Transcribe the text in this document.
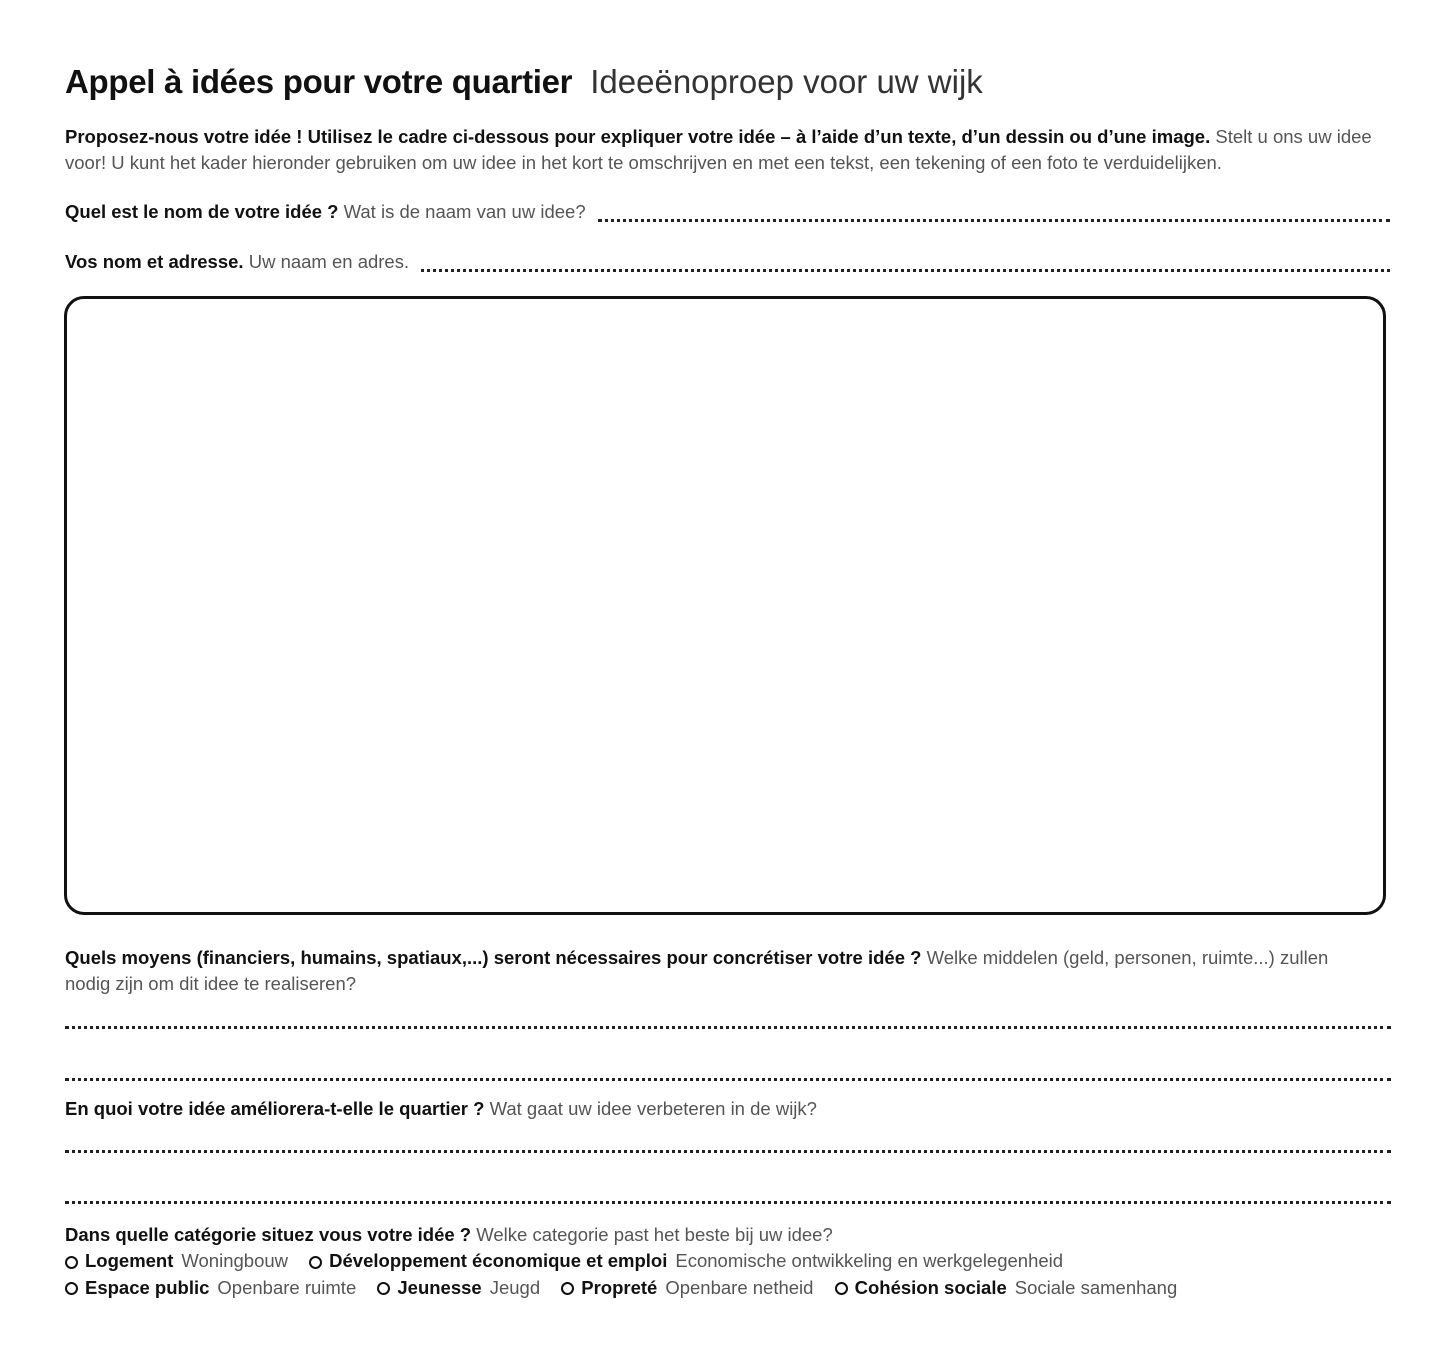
Appel à idées pour votre quartier Ideeënoproep voor uw wijk
Proposez-nous votre idée ! Utilisez le cadre ci-dessous pour expliquer votre idée – à l’aide d’un texte, d’un dessin ou d’une image. Stelt u ons uw idee voor! U kunt het kader hieronder gebruiken om uw idee in het kort te omschrijven en met een tekst, een tekening of een foto te verduidelijken.
Quel est le nom de votre idée ? Wat is de naam van uw idee?
Vos nom et adresse. Uw naam en adres.
Quels moyens (financiers, humains, spatiaux,...) seront nécessaires pour concrétiser votre idée ? Welke middelen (geld, personen, ruimte...) zullen nodig zijn om dit idee te realiseren?
En quoi votre idée améliorera-t-elle le quartier ? Wat gaat uw idee verbeteren in de wijk?
Dans quelle catégorie situez vous votre idée ? Welke categorie past het beste bij uw idee?
Logement Woningbouw
Développement économique et emploi Economische ontwikkeling en werkgelegenheid
Espace public Openbare ruimte
Jeunesse Jeugd
Propreté Openbare netheid
Cohésion sociale Sociale samenhang
